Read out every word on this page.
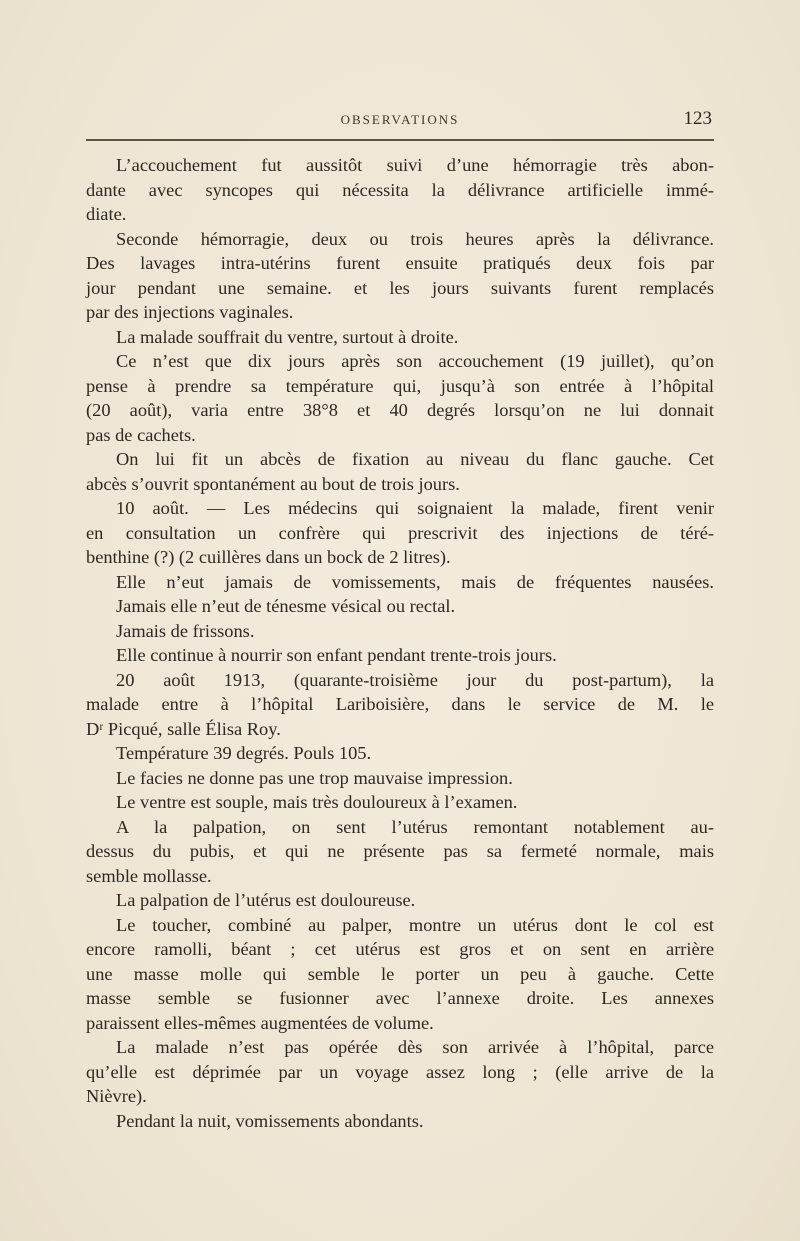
OBSERVATIONS	123
L’accouchement fut aussitôt suivi d’une hémorragie très abon-
dante avec syncopes qui nécessita la délivrance artificielle immé-
diate.
Seconde hémorragie, deux ou trois heures après la délivrance.
Des lavages intra-utérins furent ensuite pratiqués deux fois par
jour pendant une semaine. et les jours suivants furent remplacés
par des injections vaginales.
La malade souffrait du ventre, surtout à droite.
Ce n’est que dix jours après son accouchement (19 juillet), qu’on
pense à prendre sa température qui, jusqu’à son entrée à l’hôpital
(20 août), varia entre 38°8 et 40 degrés lorsqu’on ne lui donnait
pas de cachets.
On lui fit un abcès de fixation au niveau du flanc gauche. Cet
abcès s’ouvrit spontanément au bout de trois jours.
10 août. — Les médecins qui soignaient la malade, firent venir
en consultation un confrère qui prescrivit des injections de téré-
benthine (?) (2 cuillères dans un bock de 2 litres).
Elle n’eut jamais de vomissements, mais de fréquentes nausées.
Jamais elle n’eut de ténesme vésical ou rectal.
Jamais de frissons.
Elle continue à nourrir son enfant pendant trente-trois jours.
20 août 1913, (quarante-troisième jour du post-partum), la
malade entre à l’hôpital Lariboisière, dans le service de M. le
Dʳ Picqué, salle Élisa Roy.
Température 39 degrés. Pouls 105.
Le facies ne donne pas une trop mauvaise impression.
Le ventre est souple, mais très douloureux à l’examen.
A la palpation, on sent l’utérus remontant notablement au-
dessus du pubis, et qui ne présente pas sa fermeté normale, mais
semble mollasse.
La palpation de l’utérus est douloureuse.
Le toucher, combiné au palper, montre un utérus dont le col est
encore ramolli, béant ; cet utérus est gros et on sent en arrière
une masse molle qui semble le porter un peu à gauche. Cette
masse semble se fusionner avec l’annexe droite. Les annexes
paraissent elles-mêmes augmentées de volume.
La malade n’est pas opérée dès son arrivée à l’hôpital, parce
qu’elle est déprimée par un voyage assez long ; (elle arrive de la
Nièvre).
Pendant la nuit, vomissements abondants.
